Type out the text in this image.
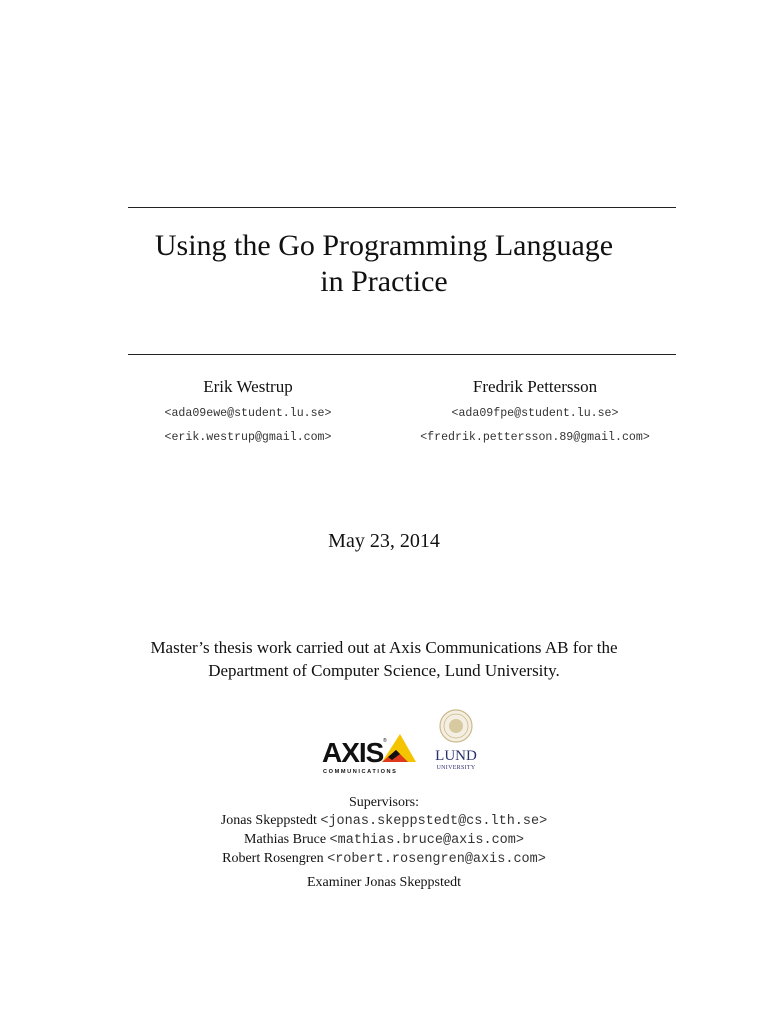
Using the Go Programming Language
in Practice
Erik Westrup
<ada09ewe@student.lu.se>
<erik.westrup@gmail.com>
Fredrik Pettersson
<ada09fpe@student.lu.se>
<fredrik.pettersson.89@gmail.com>
May 23, 2014
Master’s thesis work carried out at Axis Communications AB for the
Department of Computer Science, Lund University.
AXIS ®
COMMUNICATIONS
LUND
UNIVERSITY
Supervisors:
Jonas Skeppstedt <jonas.skeppstedt@cs.lth.se>
Mathias Bruce <mathias.bruce@axis.com>
Robert Rosengren <robert.rosengren@axis.com>
Examiner Jonas Skeppstedt
